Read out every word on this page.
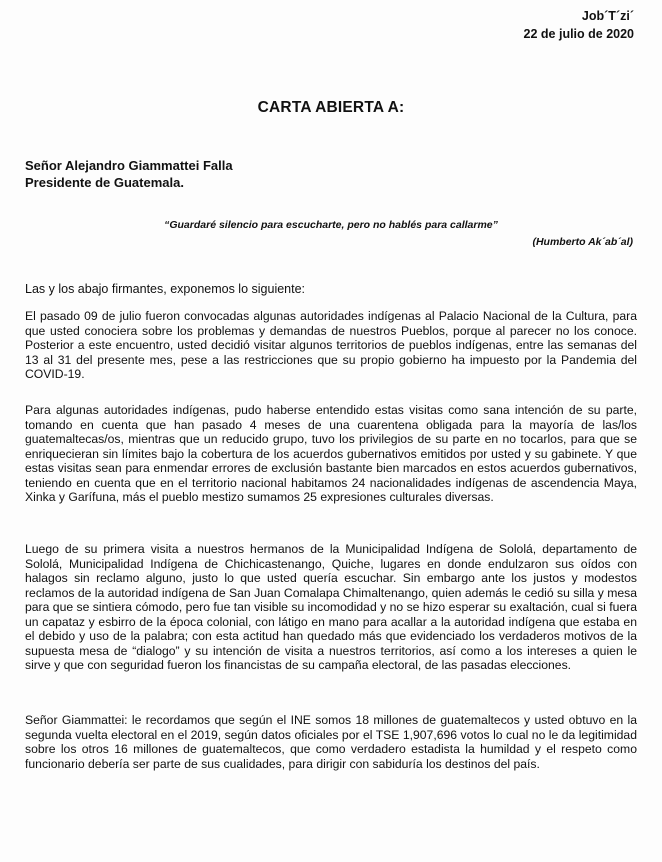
Job´T´zi´
22 de julio de 2020
CARTA ABIERTA A:
Señor Alejandro Giammattei Falla
Presidente de Guatemala.
“Guardaré silencio para escucharte, pero no hablés para callarme”
(Humberto Ak´ab´al)
Las y los abajo firmantes, exponemos lo siguiente:
El pasado 09 de julio fueron convocadas algunas autoridades indígenas al Palacio Nacional de la Cultura, para que usted conociera sobre los problemas y demandas de nuestros Pueblos, porque al parecer no los conoce. Posterior a este encuentro, usted decidió visitar algunos territorios de pueblos indígenas, entre las semanas del 13 al 31 del presente mes, pese a las restricciones que su propio gobierno ha impuesto por la Pandemia del COVID-19.
Para algunas autoridades indígenas, pudo haberse entendido estas visitas como sana intención de su parte, tomando en cuenta que han pasado 4 meses de una cuarentena obligada para la mayoría de las/los guatemaltecas/os, mientras que un reducido grupo, tuvo los privilegios de su parte en no tocarlos, para que se enriquecieran sin límites bajo la cobertura de los acuerdos gubernativos emitidos por usted y su gabinete. Y que estas visitas sean para enmendar errores de exclusión bastante bien marcados en estos acuerdos gubernativos, teniendo en cuenta que en el territorio nacional habitamos 24 nacionalidades indígenas de ascendencia Maya, Xinka y Garífuna, más el pueblo mestizo sumamos 25 expresiones culturales diversas.
Luego de su primera visita a nuestros hermanos de la Municipalidad Indígena de Sololá, departamento de Sololá, Municipalidad Indígena de Chichicastenango, Quiche, lugares en donde endulzaron sus oídos con halagos sin reclamo alguno, justo lo que usted quería escuchar. Sin embargo ante los justos y modestos reclamos de la autoridad indígena de San Juan Comalapa Chimaltenango, quien además le cedió su silla y mesa para que se sintiera cómodo, pero fue tan visible su incomodidad y no se hizo esperar su exaltación, cual si fuera un capataz y esbirro de la época colonial, con látigo en mano para acallar a la autoridad indígena que estaba en el debido y uso de la palabra; con esta actitud han quedado más que evidenciado los verdaderos motivos de la supuesta mesa de “dialogo” y su intención de visita a nuestros territorios, así como a los intereses a quien le sirve y que con seguridad fueron los financistas de su campaña electoral, de las pasadas elecciones.
Señor Giammattei: le recordamos que según el INE somos 18 millones de guatemaltecos y usted obtuvo en la segunda vuelta electoral en el 2019, según datos oficiales por el TSE 1,907,696 votos lo cual no le da legitimidad sobre los otros 16 millones de guatemaltecos, que como verdadero estadista la humildad y el respeto como funcionario debería ser parte de sus cualidades, para dirigir con sabiduría los destinos del país.
